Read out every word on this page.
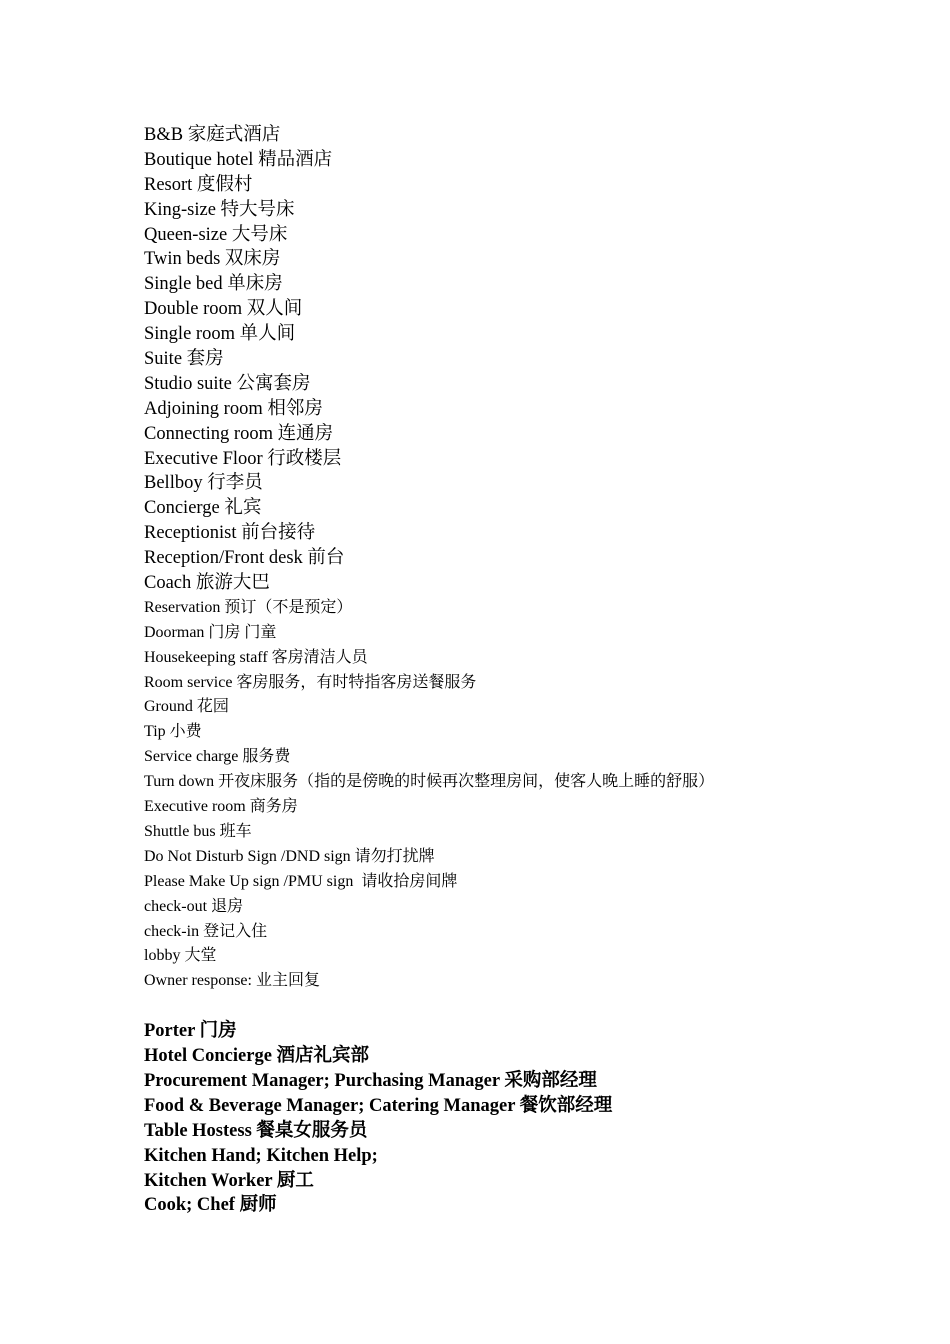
B&B 家庭式酒店
Boutique hotel 精品酒店
Resort 度假村
King-size 特大号床
Queen-size 大号床
Twin beds 双床房
Single bed 单床房
Double room 双人间
Single room 单人间
Suite 套房
Studio suite 公寓套房
Adjoining room 相邻房
Connecting room 连通房
Executive Floor 行政楼层
Bellboy 行李员
Concierge 礼宾
Receptionist 前台接待
Reception/Front desk 前台
Coach 旅游大巴
Reservation 预订（不是预定）
Doorman 门房 门童
Housekeeping staff 客房清洁人员
Room service 客房服务，有时特指客房送餐服务
Ground 花园
Tip 小费
Service charge 服务费
Turn down 开夜床服务（指的是傍晚的时候再次整理房间，使客人晚上睡的舒服）
Executive room 商务房
Shuttle bus 班车
Do Not Disturb Sign /DND sign 请勿打扰牌
Please Make Up sign /PMU sign  请收拾房间牌
check-out 退房
check-in 登记入住
lobby 大堂
Owner response: 业主回复
Porter 门房
Hotel Concierge 酒店礼宾部
Procurement Manager; Purchasing Manager 采购部经理
Food & Beverage Manager; Catering Manager 餐饮部经理
Table Hostess 餐桌女服务员
Kitchen Hand; Kitchen Help;
Kitchen Worker 厨工
Cook; Chef 厨师
